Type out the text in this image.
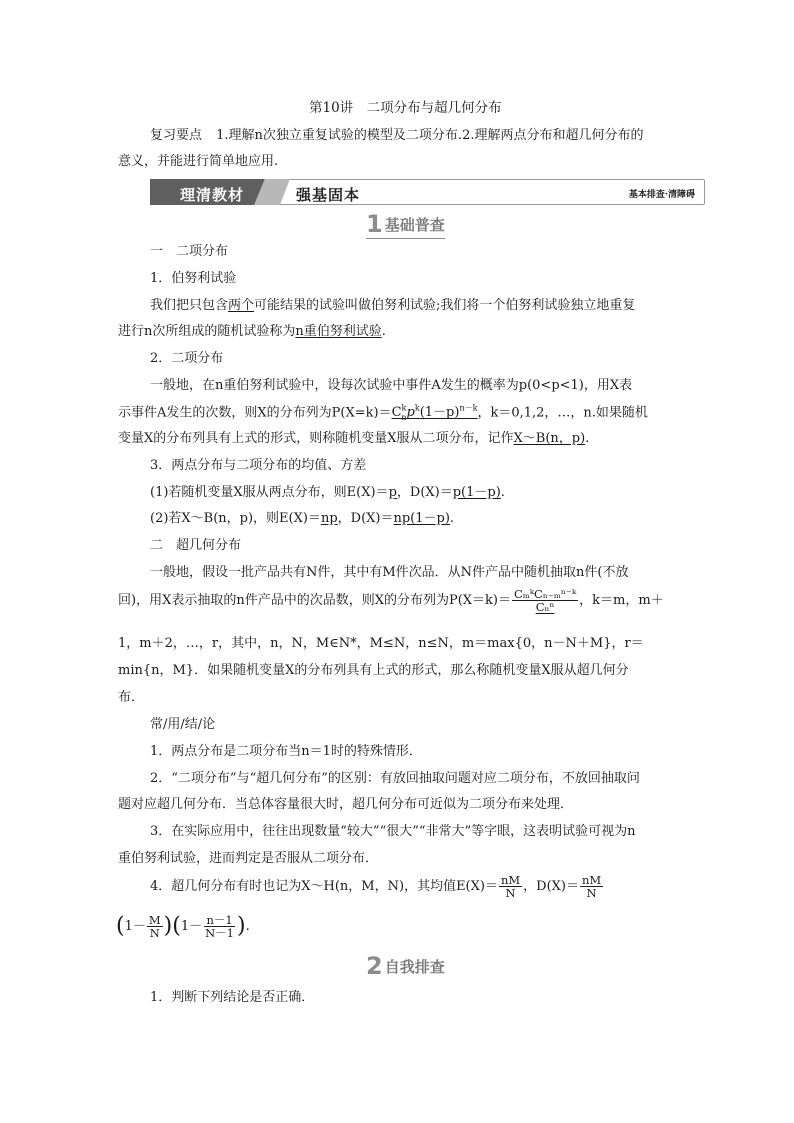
第10讲　二项分布与超几何分布
复习要点 1.理解n次独立重复试验的模型及二项分布.2.理解两点分布和超几何分布的
意义，并能进行简单地应用.
理清教材	强基固本	基本排查·清障碍
1 基础普查
一　二项分布
1．伯努利试验
我们把只包含两个可能结果的试验叫做伯努利试验;我们将一个伯努利试验独立地重复
进行n次所组成的随机试验称为n重伯努利试验.
2．二项分布
一般地，在n重伯努利试验中，设每次试验中事件A发生的概率为p(0<p<1)，用X表
示事件A发生的次数，则X的分布列为$P(X=k)=C^k_np^k(1-p)^{n-k}$，k＝0,1,2，…，n.如果随机
变量X的分布列具有上式的形式，则称随机变量X服从二项分布，记作X～B(n，p).
3．两点分布与二项分布的均值、方差
(1)若随机变量X服从两点分布，则E(X)＝p，D(X)＝p(1－p).
(2)若X～B(n，p)，则E(X)＝np，D(X)＝np(1－p).
二　超几何分布
一般地，假设一批产品共有N件，其中有M件次品．从N件产品中随机抽取n件(不放
回)，用X表示抽取的n件产品中的次品数，则X的分布列为$P(X=k)= \frac{\text{CₘᵏCₙ₋ₘⁿ⁻ᵏ}}{\text{Cₙⁿ}}$ ，k＝m，m＋
1，m＋2，…，r，其中，n，N，M∈N*，M≤N，n≤N，m＝max{0，n－N＋M}，r＝
min{n，M}．如果随机变量X的分布列具有上式的形式，那么称随机变量X服从超几何分
布．
常/用/结/论
1．两点分布是二项分布当n＝1时的特殊情形．
2．“二项分布”与“超几何分布”的区别：有放回抽取问题对应二项分布，不放回抽取问
题对应超几何分布．当总体容量很大时，超几何分布可近似为二项分布来处理．
3．在实际应用中，往往出现数量“较大”“很大”“非常大”等字眼，这表明试验可视为n
重伯努利试验，进而判定是否服从二项分布．
4．超几何分布有时也记为X～H(n，M，N)，其均值$E(X)= \frac{nM}{N}$ ，$D(X)= \frac{nM}{N}$
$(1- \frac{M}{N} )(1- \frac{n-1}{N-1}$ ).
2 自我排查
1．判断下列结论是否正确．
